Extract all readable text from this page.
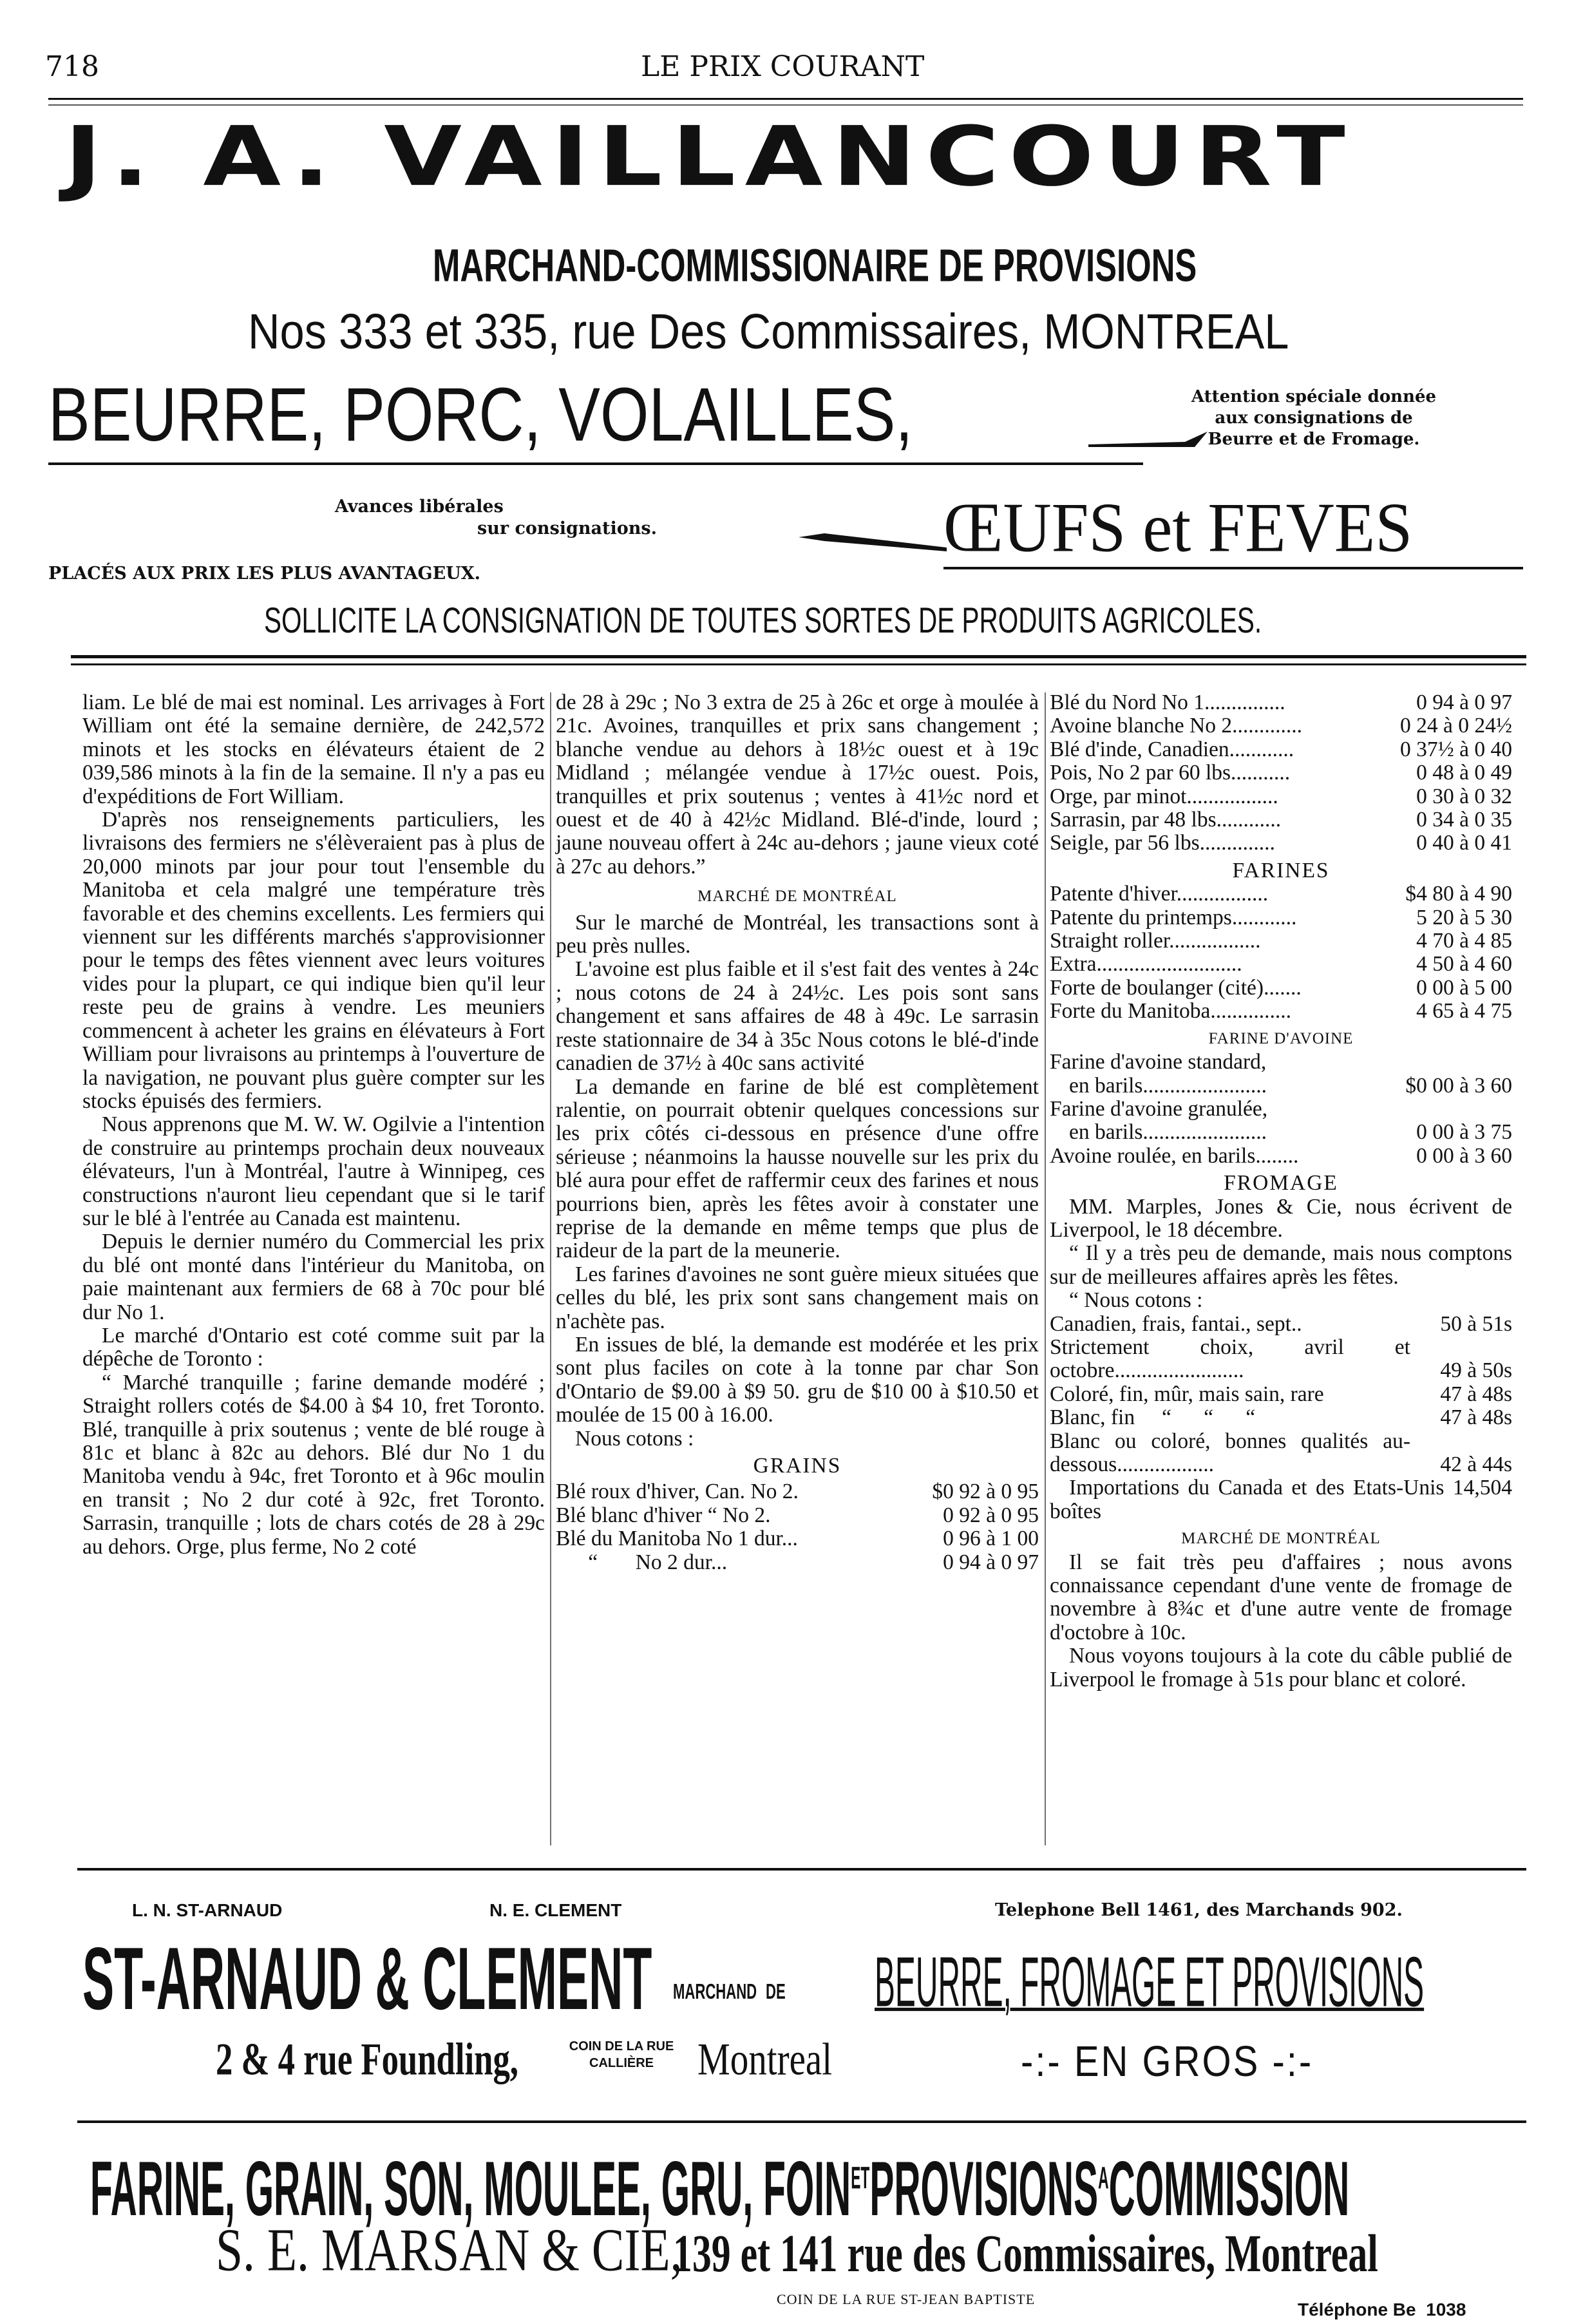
718	LE PRIX COURANT
J. A. VAILLANCOURT
MARCHAND-COMMISSIONAIRE DE PROVISIONS
Nos 333 et 335, rue Des Commissaires, MONTREAL
BEURRE, PORC, VOLAILLES,	Attention spéciale donnée
aux consignations de
Beurre et de Fromage.
Avances libérales
sur consignations.	ŒUFS et FEVES
PLACÉS AUX PRIX LES PLUS AVANTAGEUX.
SOLLICITE LA CONSIGNATION DE TOUTES SORTES DE PRODUITS AGRICOLES.

liam. Le blé de mai est nominal. Les arrivages à Fort William ont été la semaine dernière, de 242,572 minots et les stocks en élévateurs étaient de 2 039,586 minots à la fin de la semaine. Il n'y a pas eu d'expéditions de Fort William.

D'après nos renseignements particuliers, les livraisons des fermiers ne s'élèveraient pas à plus de 20,000 minots par jour pour tout l'ensemble du Manitoba et cela malgré une température très favorable et des chemins excellents. Les fermiers qui viennent sur les différents marchés s'approvisionner pour le temps des fêtes viennent avec leurs voitures vides pour la plupart, ce qui indique bien qu'il leur reste peu de grains à vendre. Les meuniers commencent à acheter les grains en élévateurs à Fort William pour livraisons au printemps à l'ouverture de la navigation, ne pouvant plus guère compter sur les stocks épuisés des fermiers.

Nous apprenons que M. W. W. Ogilvie a l'intention de construire au printemps prochain deux nouveaux élévateurs, l'un à Montréal, l'autre à Winnipeg, ces constructions n'auront lieu cependant que si le tarif sur le blé à l'entrée au Canada est maintenu.

Depuis le dernier numéro du Commercial les prix du blé ont monté dans l'intérieur du Manitoba, on paie maintenant aux fermiers de 68 à 70c pour blé dur No 1.

Le marché d'Ontario est coté comme suit par la dépêche de Toronto :

“ Marché tranquille ; farine demande modéré ; Straight rollers cotés de $4.00 à $4 10, fret Toronto. Blé, tranquille à prix soutenus ; vente de blé rouge à 81c et blanc à 82c au dehors. Blé dur No 1 du Manitoba vendu à 94c, fret Toronto et à 96c moulin en transit ; No 2 dur coté à 92c, fret Toronto. Sarrasin, tranquille ; lots de chars cotés de 28 à 29c au dehors. Orge, plus ferme, No 2 coté

de 28 à 29c ; No 3 extra de 25 à 26c et orge à moulée à 21c. Avoines, tranquilles et prix sans changement ; blanche vendue au dehors à 18½c ouest et à 19c Midland ; mélangée vendue à 17½c ouest. Pois, tranquilles et prix soutenus ; ventes à 41½c nord et ouest et de 40 à 42½c Midland. Blé-d'inde, lourd ; jaune nouveau offert à 24c au-dehors ; jaune vieux coté à 27c au dehors.”

MARCHÉ DE MONTRÉAL

Sur le marché de Montréal, les transactions sont à peu près nulles.

L'avoine est plus faible et il s'est fait des ventes à 24c ; nous cotons de 24 à 24½c. Les pois sont sans changement et sans affaires de 48 à 49c. Le sarrasin reste stationnaire de 34 à 35c Nous cotons le blé-d'inde canadien de 37½ à 40c sans activité

La demande en farine de blé est complètement ralentie, on pourrait obtenir quelques concessions sur les prix côtés ci-dessous en présence d'une offre sérieuse ; néanmoins la hausse nouvelle sur les prix du blé aura pour effet de raffermir ceux des farines et nous pourrions bien, après les fêtes avoir à constater une reprise de la demande en même temps que plus de raideur de la part de la meunerie.

Les farines d'avoines ne sont guère mieux situées que celles du blé, les prix sont sans changement mais on n'achète pas.

En issues de blé, la demande est modérée et les prix sont plus faciles on cote à la tonne par char Son d'Ontario de $9.00 à $9 50. gru de $10 00 à $10.50 et moulée de 15 00 à 16.00.

Nous cotons :

GRAINS

Blé roux d'hiver, Can. No 2.	$0 92 à 0 95
Blé blanc d'hiver “ No 2.	0 92 à 0 95
Blé du Manitoba No 1 dur...	0 96 à 1 00
“       No 2 dur...	0 94 à 0 97
Blé du Nord No 1...............	0 94 à 0 97
Avoine blanche No 2.............	0 24 à 0 24½
Blé d'inde, Canadien............	0 37½ à 0 40
Pois, No 2 par 60 lbs...........	0 48 à 0 49
Orge, par minot.................	0 30 à 0 32
Sarrasin, par 48 lbs............	0 34 à 0 35
Seigle, par 56 lbs..............	0 40 à 0 41
FARINES
Patente d'hiver.................	$4 80 à 4 90
Patente du printemps............	5 20 à 5 30
Straight roller.................	4 70 à 4 85
Extra...........................	4 50 à 4 60
Forte de boulanger (cité).......	0 00 à 5 00
Forte du Manitoba...............	4 65 à 4 75
FARINE D'AVOINE
Farine d'avoine standard,
en barils.......................	$0 00 à 3 60
Farine d'avoine granulée,
en barils.......................	0 00 à 3 75
Avoine roulée, en barils........	0 00 à 3 60
FROMAGE

MM. Marples, Jones & Cie, nous écrivent de Liverpool, le 18 décembre.

“ Il y a très peu de demande, mais nous comptons sur de meilleures affaires après les fêtes.

“ Nous cotons :

Canadien, frais, fantai., sept..	50 à 51s
Strictement choix, avril et octobre........................	49 à 50s
Coloré, fin, mûr, mais sain, rare	47 à 48s
Blanc, fin     “      “      “	47 à 48s
Blanc ou coloré, bonnes qualités au-dessous..................	42 à 44s

Importations du Canada et des Etats-Unis 14,504 boîtes

MARCHÉ DE MONTRÉAL

Il se fait très peu d'affaires ; nous avons connaissance cependant d'une vente de fromage de novembre à 8¾c et d'une autre vente de fromage d'octobre à 10c.

Nous voyons toujours à la cote du câble publié de Liverpool le fromage à 51s pour blanc et coloré.

L. N. ST-ARNAUD	N. E. CLEMENT	Telephone Bell 1461, des Marchands 902.
ST-ARNAUD & CLEMENT MARCHAND DE BEURRE, FROMAGE ET PROVISIONS
2 & 4 rue Foundling,	COIN DE LA RUE
CALLIÈRE	Montreal	-:- EN GROS -:-
FARINE, GRAIN, SON, MOULEE, GRU, $FOIN^{ET}PROVISIONS^ACOMMISSION$
S. E. MARSAN & CIE,
139 et 141 rue des Commissaires, Montreal
COIN DE LA RUE ST-JEAN BAPTISTE
Téléphone Be  1038
